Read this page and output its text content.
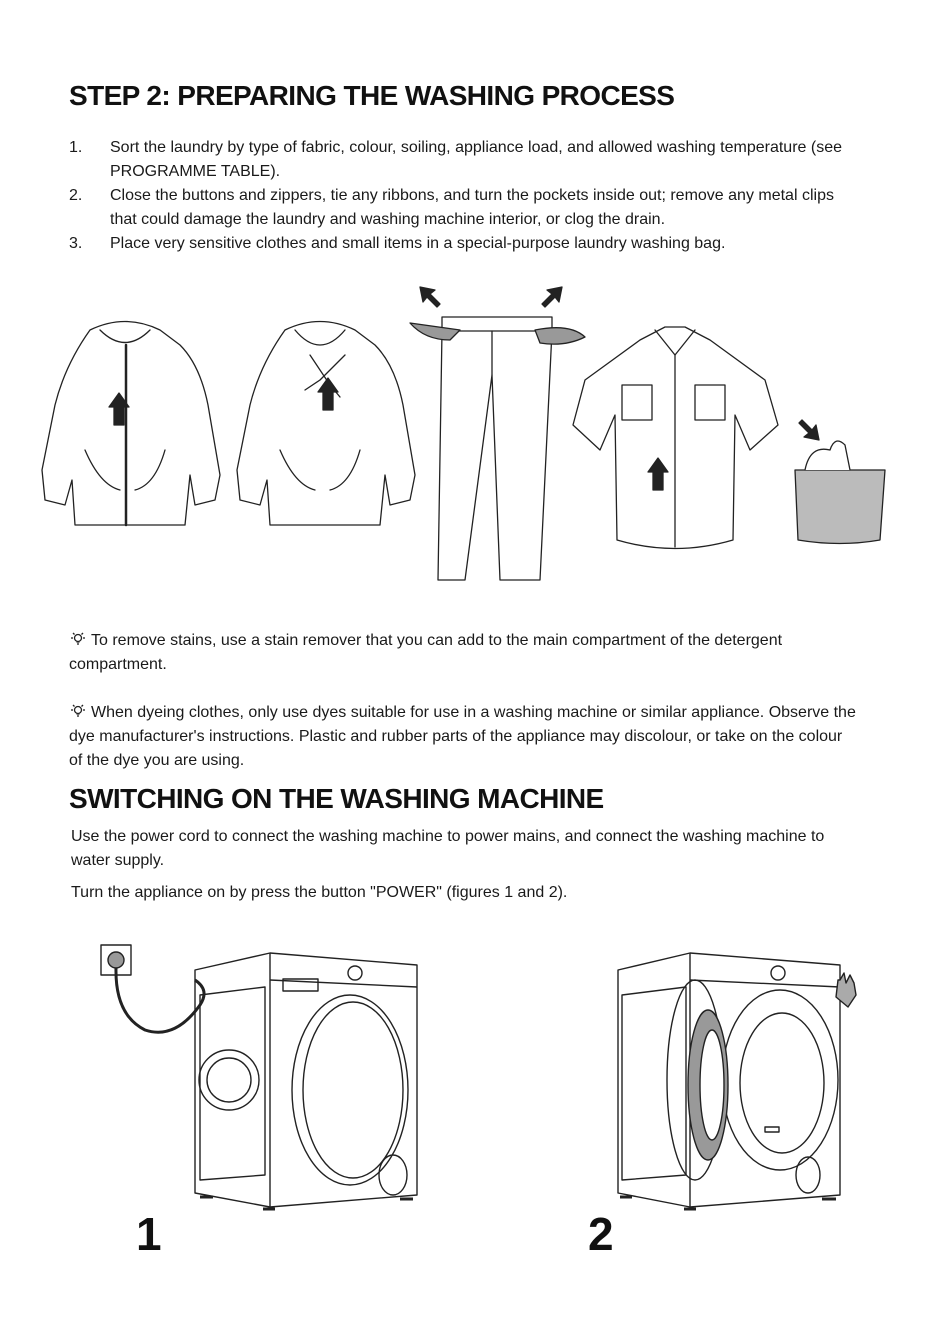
STEP 2: PREPARING THE WASHING PROCESS
1.	Sort the laundry by type of fabric, colour, soiling, appliance load, and allowed washing temperature (see PROGRAMME TABLE).
2.	Close the buttons and zippers, tie any ribbons, and turn the pockets inside out; remove any metal clips that could damage the laundry and washing machine interior, or clog the drain.
3.	Place very sensitive clothes and small items in a special-purpose laundry washing bag.
To remove stains, use a stain remover that you can add to the main compartment of the detergent compartment.
When dyeing clothes, only use dyes suitable for use in a washing machine or similar appliance. Observe the dye manufacturer's instructions. Plastic and rubber parts of the appliance may discolour, or take on the colour of the dye you are using.
SWITCHING ON THE WASHING MACHINE
Use the power cord to connect the washing machine to power mains, and connect the washing machine to water supply.
Turn the appliance on by press the button "POWER" (figures 1 and 2).
1	2
